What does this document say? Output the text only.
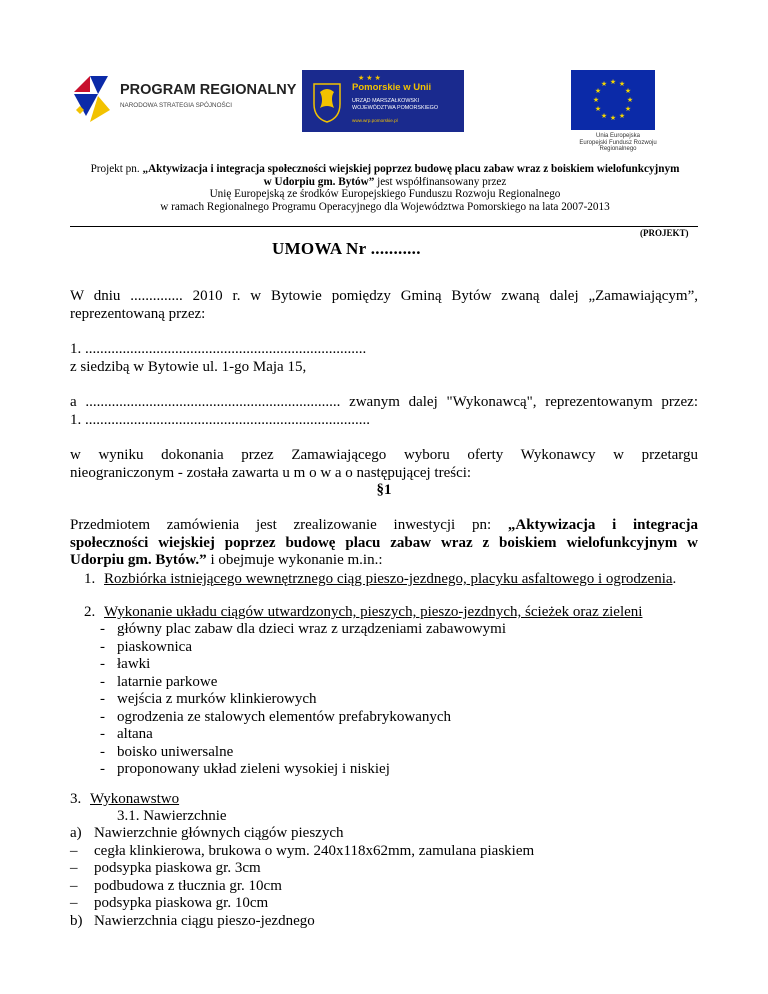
PROGRAM REGIONALNY
NARODOWA STRATEGIA SPÓJNOŚCI
★ ★ ★
Pomorskie w Unii
URZĄD MARSZAŁKOWSKI
WOJEWÓDZTWA POMORSKIEGO
www.wrp.pomorskie.pl
★ ★
★
★
★
★
★
★
★
★
★
★
Unia Europejska
Europejski Fundusz Rozwoju
Regionalnego
Projekt pn. „Aktywizacja i integracja społeczności wiejskiej poprzez budowę placu zabaw wraz z boiskiem wielofunkcyjnym
w Udorpiu gm. Bytów” jest współfinansowany przez
Unię Europejską ze środków Europejskiego Funduszu Rozwoju Regionalnego
w ramach Regionalnego Programu Operacyjnego dla Województwa Pomorskiego na lata 2007-2013
(PROJEKT)
UMOWA Nr ...........
W dniu .............. 2010 r. w Bytowie pomiędzy Gminą Bytów zwaną dalej „Zamawiającym”,
reprezentowaną przez:
1. ...........................................................................
z siedzibą w Bytowie ul. 1-go Maja 15,
a .................................................................... zwanym dalej "Wykonawcą", reprezentowanym przez:
1. ............................................................................
w wyniku dokonania przez Zamawiającego wyboru oferty Wykonawcy w przetargu
nieograniczonym - została zawarta u m o w a o następującej treści:
§1
Przedmiotem zamówienia jest zrealizowanie inwestycji pn: „Aktywizacja i integracja
społeczności wiejskiej poprzez budowę placu zabaw wraz z boiskiem wielofunkcyjnym w
Udorpiu gm. Bytów.” i obejmuje wykonanie m.in.:
1. Rozbiórka istniejącego wewnętrznego ciąg pieszo-jezdnego, placyku asfaltowego i ogrodzenia.
2. Wykonanie układu ciągów utwardzonych, pieszych, pieszo-jezdnych, ścieżek oraz zieleni
- główny plac zabaw dla dzieci wraz z urządzeniami zabawowymi
- piaskownica
- ławki
- latarnie parkowe
- wejścia z murków klinkierowych
- ogrodzenia ze stalowych elementów prefabrykowanych
- altana
- boisko uniwersalne
- proponowany układ zieleni wysokiej i niskiej
3. Wykonawstwo
3.1. Nawierzchnie
a) Nawierzchnie głównych ciągów pieszych
– cegła klinkierowa, brukowa o wym. 240x118x62mm, zamulana piaskiem
– podsypka piaskowa gr. 3cm
– podbudowa z tłucznia gr. 10cm
– podsypka piaskowa gr. 10cm
b) Nawierzchnia ciągu pieszo-jezdnego
